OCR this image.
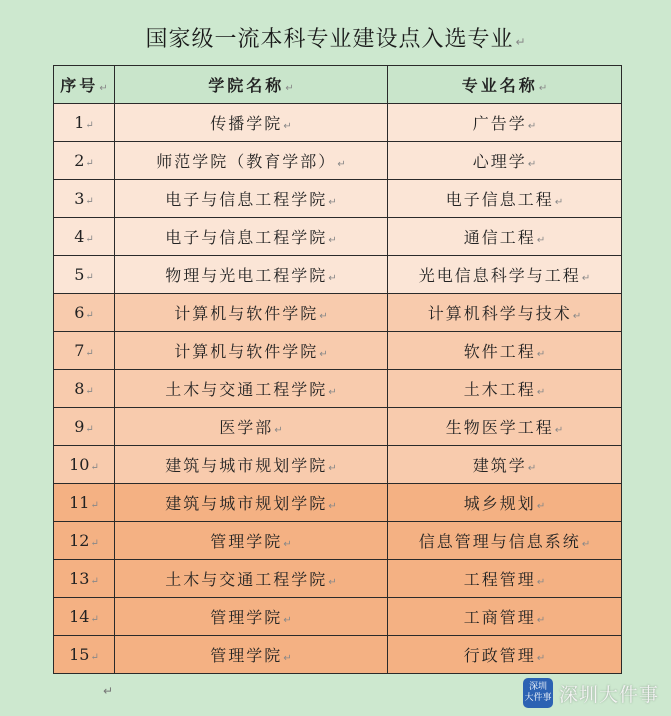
国家级一流本科专业建设点入选专业 ↵
序号↵	学院名称↵	专业名称↵
1↵	传播学院↵	广告学↵
2↵	师范学院（教育学部）↵	心理学↵
3↵	电子与信息工程学院↵	电子信息工程↵
4↵	电子与信息工程学院↵	通信工程↵
5↵	物理与光电工程学院↵	光电信息科学与工程↵
6↵	计算机与软件学院↵	计算机科学与技术↵
7↵	计算机与软件学院↵	软件工程↵
8↵	土木与交通工程学院↵	土木工程↵
9↵	医学部↵	生物医学工程↵
10↵	建筑与城市规划学院↵	建筑学↵
11↵	建筑与城市规划学院↵	城乡规划↵
12↵	管理学院↵	信息管理与信息系统↵
13↵	土木与交通工程学院↵	工程管理↵
14↵	管理学院↵	工商管理↵
15↵	管理学院↵	行政管理↵
↵	深圳
大件事 深圳大件事
